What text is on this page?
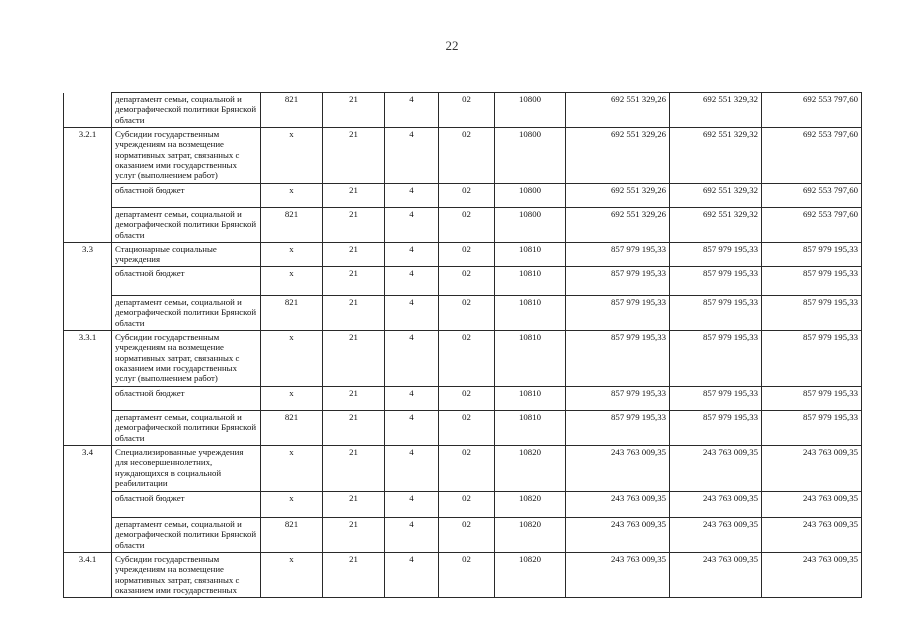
22
	департамент семьи, социальной и демографической политики Брянской области	821	21	4	02	10800	692 551 329,26	692 551 329,32	692 553 797,60
3.2.1	Субсидии государственным учреждениям на возмещение нормативных затрат, связанных с оказанием ими государственных услуг (выполнением работ)	x	21	4	02	10800	692 551 329,26	692 551 329,32	692 553 797,60
	областной бюджет	x	21	4	02	10800	692 551 329,26	692 551 329,32	692 553 797,60
	департамент семьи, социальной и демографической политики Брянской области	821	21	4	02	10800	692 551 329,26	692 551 329,32	692 553 797,60
3.3	Стационарные социальные учреждения	x	21	4	02	10810	857 979 195,33	857 979 195,33	857 979 195,33
	областной бюджет	x	21	4	02	10810	857 979 195,33	857 979 195,33	857 979 195,33
	департамент семьи, социальной и демографической политики Брянской области	821	21	4	02	10810	857 979 195,33	857 979 195,33	857 979 195,33
3.3.1	Субсидии государственным учреждениям на возмещение нормативных затрат, связанных с оказанием ими государственных услуг (выполнением работ)	x	21	4	02	10810	857 979 195,33	857 979 195,33	857 979 195,33
	областной бюджет	x	21	4	02	10810	857 979 195,33	857 979 195,33	857 979 195,33
	департамент семьи, социальной и демографической политики Брянской области	821	21	4	02	10810	857 979 195,33	857 979 195,33	857 979 195,33
3.4	Специализированные учреждения для несовершеннолетних, нуждающихся в социальной реабилитации	x	21	4	02	10820	243 763 009,35	243 763 009,35	243 763 009,35
	областной бюджет	x	21	4	02	10820	243 763 009,35	243 763 009,35	243 763 009,35
	департамент семьи, социальной и демографической политики Брянской области	821	21	4	02	10820	243 763 009,35	243 763 009,35	243 763 009,35
3.4.1	Субсидии государственным учреждениям на возмещение нормативных затрат, связанных с оказанием ими государственных	x	21	4	02	10820	243 763 009,35	243 763 009,35	243 763 009,35
